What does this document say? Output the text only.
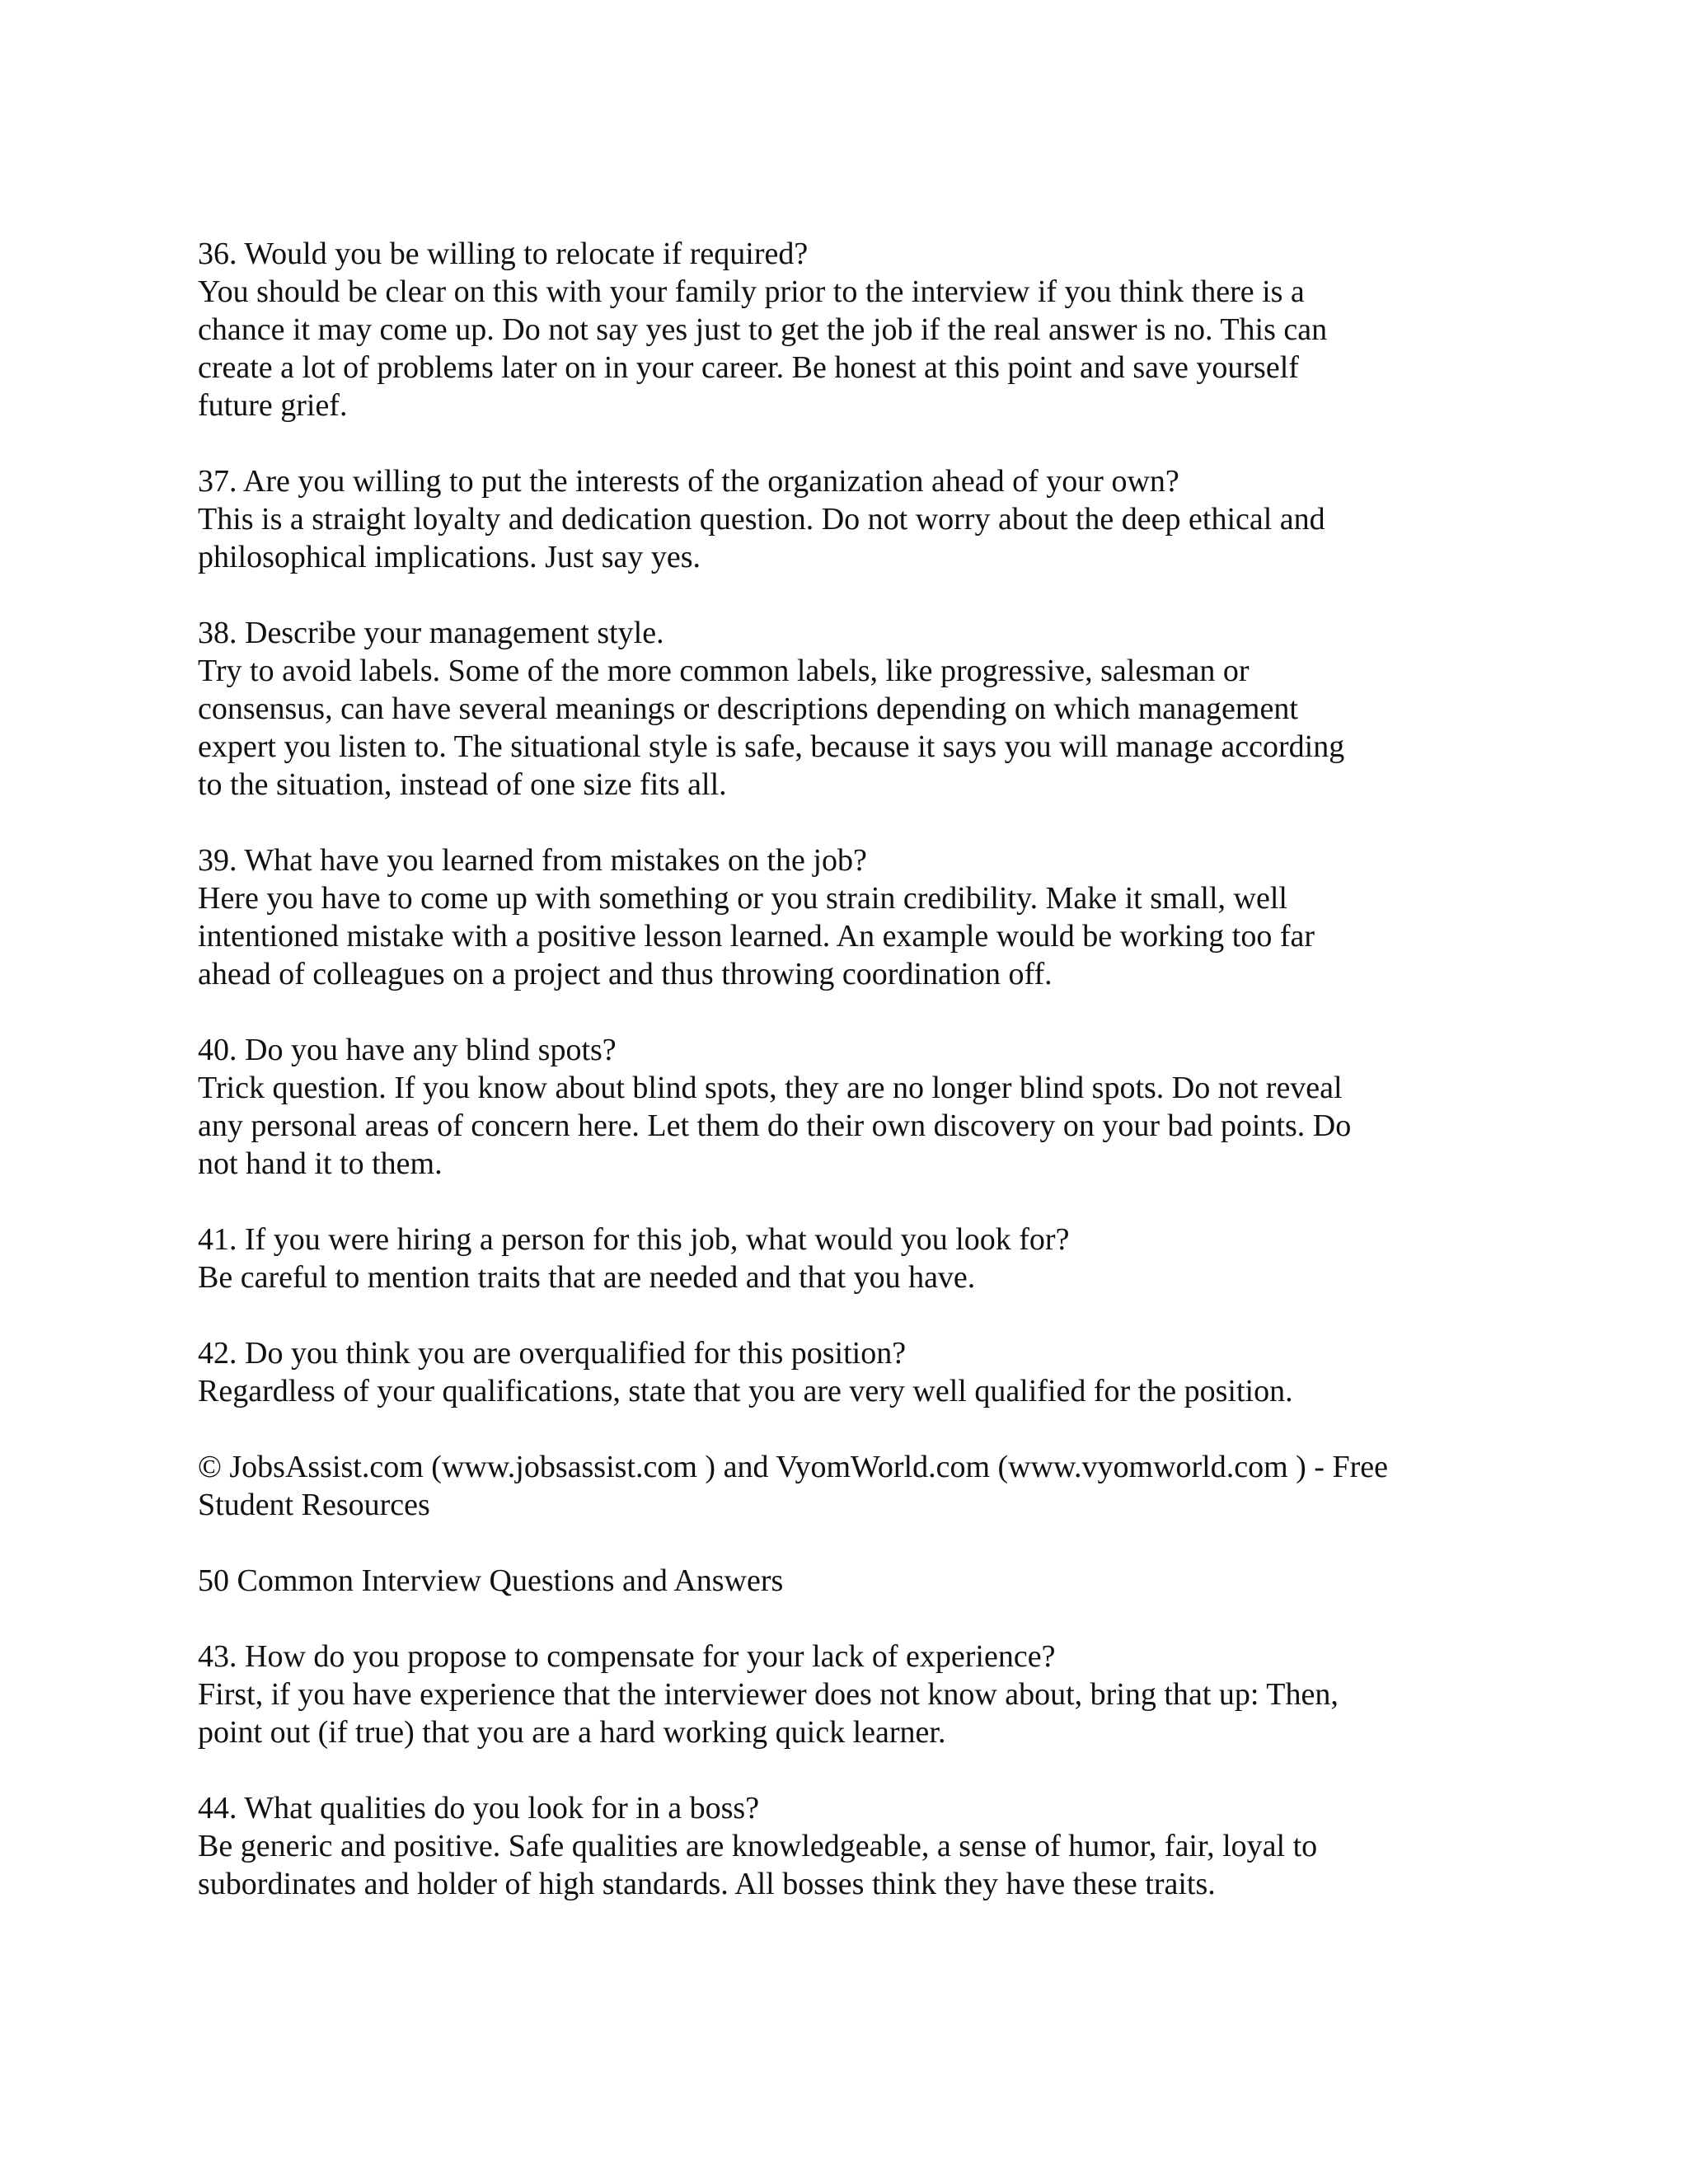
36. Would you be willing to relocate if required?
You should be clear on this with your family prior to the interview if you think there is a
chance it may come up. Do not say yes just to get the job if the real answer is no. This can
create a lot of problems later on in your career. Be honest at this point and save yourself
future grief.
37. Are you willing to put the interests of the organization ahead of your own?
This is a straight loyalty and dedication question. Do not worry about the deep ethical and
philosophical implications. Just say yes.
38. Describe your management style.
Try to avoid labels. Some of the more common labels, like progressive, salesman or
consensus, can have several meanings or descriptions depending on which management
expert you listen to. The situational style is safe, because it says you will manage according
to the situation, instead of one size fits all.
39. What have you learned from mistakes on the job?
Here you have to come up with something or you strain credibility. Make it small, well
intentioned mistake with a positive lesson learned. An example would be working too far
ahead of colleagues on a project and thus throwing coordination off.
40. Do you have any blind spots?
Trick question. If you know about blind spots, they are no longer blind spots. Do not reveal
any personal areas of concern here. Let them do their own discovery on your bad points. Do
not hand it to them.
41. If you were hiring a person for this job, what would you look for?
Be careful to mention traits that are needed and that you have.
42. Do you think you are overqualified for this position?
Regardless of your qualifications, state that you are very well qualified for the position.
© JobsAssist.com (www.jobsassist.com ) and VyomWorld.com (www.vyomworld.com ) - Free
Student Resources
50 Common Interview Questions and Answers
43. How do you propose to compensate for your lack of experience?
First, if you have experience that the interviewer does not know about, bring that up: Then,
point out (if true) that you are a hard working quick learner.
44. What qualities do you look for in a boss?
Be generic and positive. Safe qualities are knowledgeable, a sense of humor, fair, loyal to
subordinates and holder of high standards. All bosses think they have these traits.
